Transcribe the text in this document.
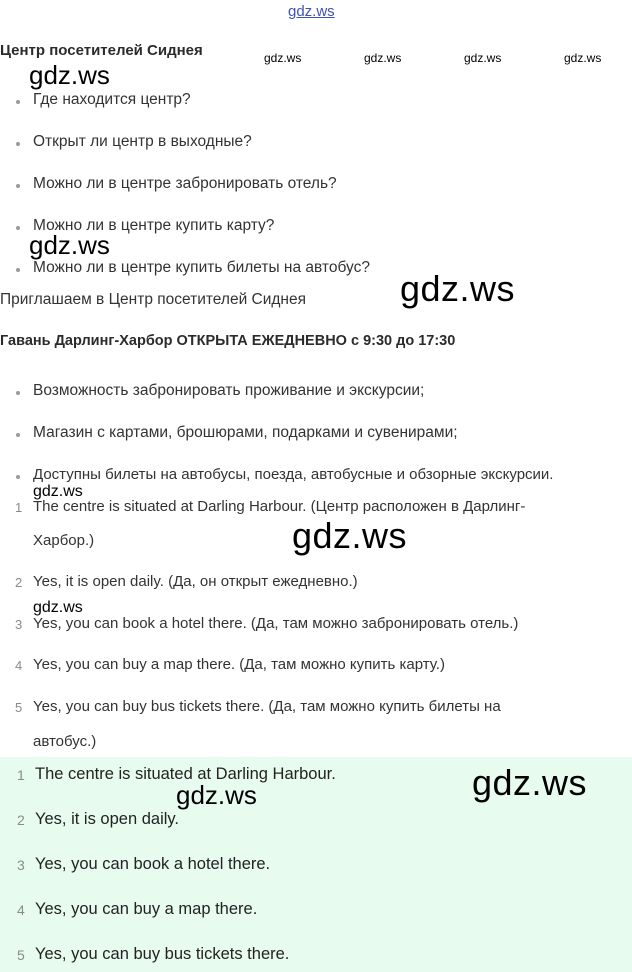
gdz.ws
Центр посетителей Сиднея	gdz.ws	gdz.ws	gdz.ws	gdz.ws
gdz.ws
Где находится центр?
Открыт ли центр в выходные?
Можно ли в центре забронировать отель?
Можно ли в центре купить карту?
Можно ли в центре купить билеты на автобус?
gdz.ws
gdz.ws
Приглашаем в Центр посетителей Сиднея
Гавань Дарлинг-Харбор ОТКРЫТА ЕЖЕДНЕВНО с 9:30 до 17:30
Возможность забронировать проживание и экскурсии;
Магазин с картами, брошюрами, подарками и сувенирами;
Доступны билеты на автобусы, поезда, автобусные и обзорные экскурсии.
gdz.ws
1 The centre is situated at Darling Harbour. (Центр расположен в Дарлинг-
Харбор.)
2 Yes, it is open daily. (Да, он открыт ежедневно.)
3 Yes, you can book a hotel there. (Да, там можно забронировать отель.)
4 Yes, you can buy a map there. (Да, там можно купить карту.)
5 Yes, you can buy bus tickets there. (Да, там можно купить билеты на
автобус.)
gdz.ws
gdz.ws
1 The centre is situated at Darling Harbour.
2 Yes, it is open daily.
3 Yes, you can book a hotel there.
4 Yes, you can buy a map there.
5 Yes, you can buy bus tickets there.
gdz.ws	gdz.ws
